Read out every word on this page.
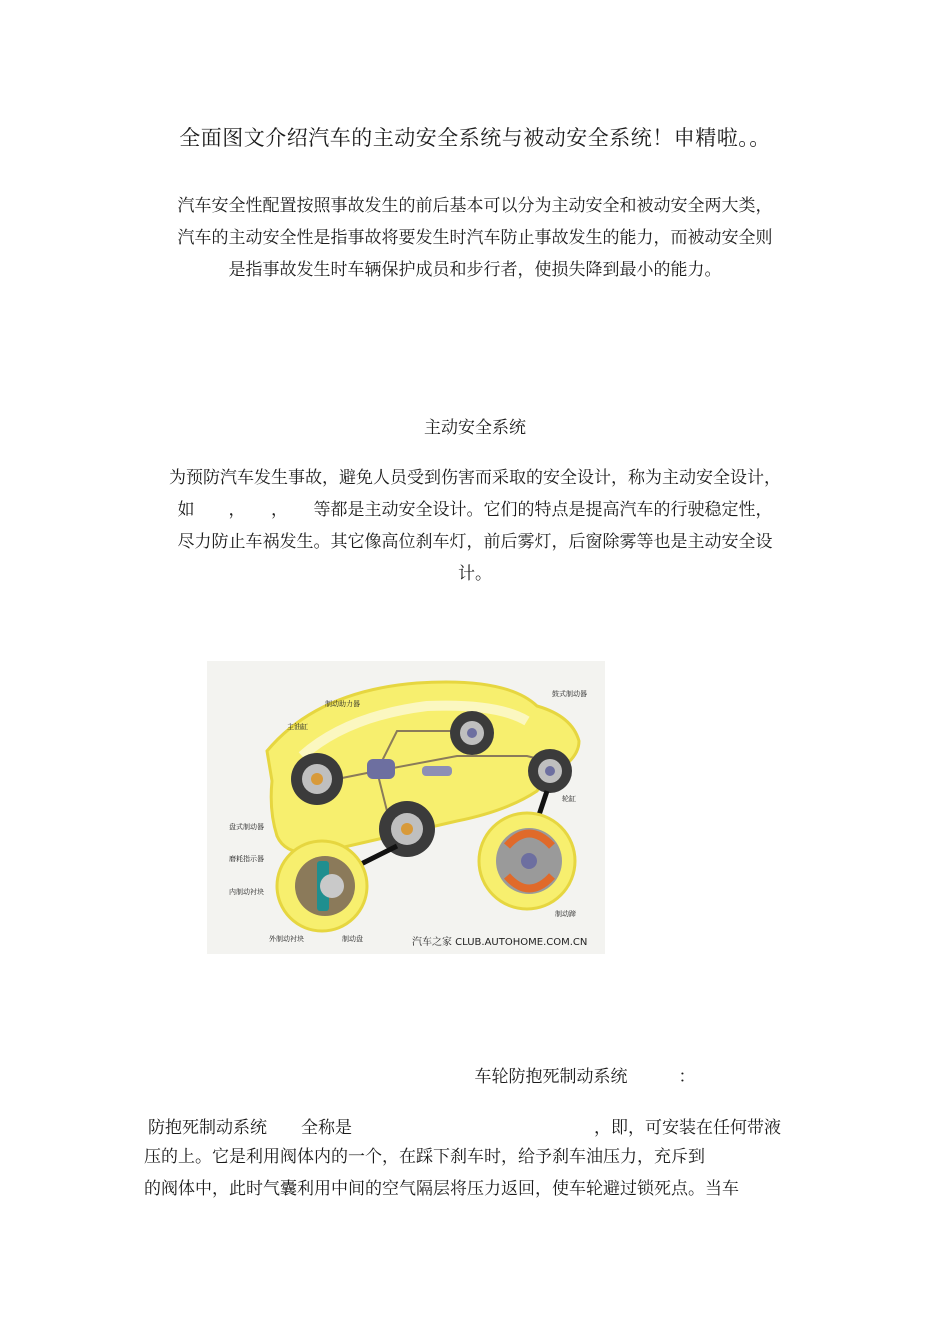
全面图文介绍汽车的主动安全系统与被动安全系统！申精啦。。
汽车安全性配置按照事故发生的前后基本可以分为主动安全和被动安全两大类，
汽车的主动安全性是指事故将要发生时汽车防止事故发生的能力，而被动安全则
是指事故发生时车辆保护成员和步行者，使损失降到最小的能力。
主动安全系统
为预防汽车发生事故，避免人员受到伤害而采取的安全设计，称为主动安全设计，
如　　，　　，　　等都是主动安全设计。它们的特点是提高汽车的行驶稳定性，
尽力防止车祸发生。其它像高位刹车灯，前后雾灯，后窗除雾等也是主动安全设
计。
制动助力器
鼓式制动器
主油缸
轮缸
盘式制动器
磨耗指示器
内制动衬块
外制动衬块	制动盘
制动蹄
汽车之家 CLUB.AUTOHOME.COM.CN
车轮防抱死制动系统　　　：
防抱死制动系统　　全称是	，即，可安装在任何带液
压的上。它是利用阀体内的一个，在踩下刹车时，给予刹车油压力，充斥到
的阀体中，此时气囊利用中间的空气隔层将压力返回，使车轮避过锁死点。当车
